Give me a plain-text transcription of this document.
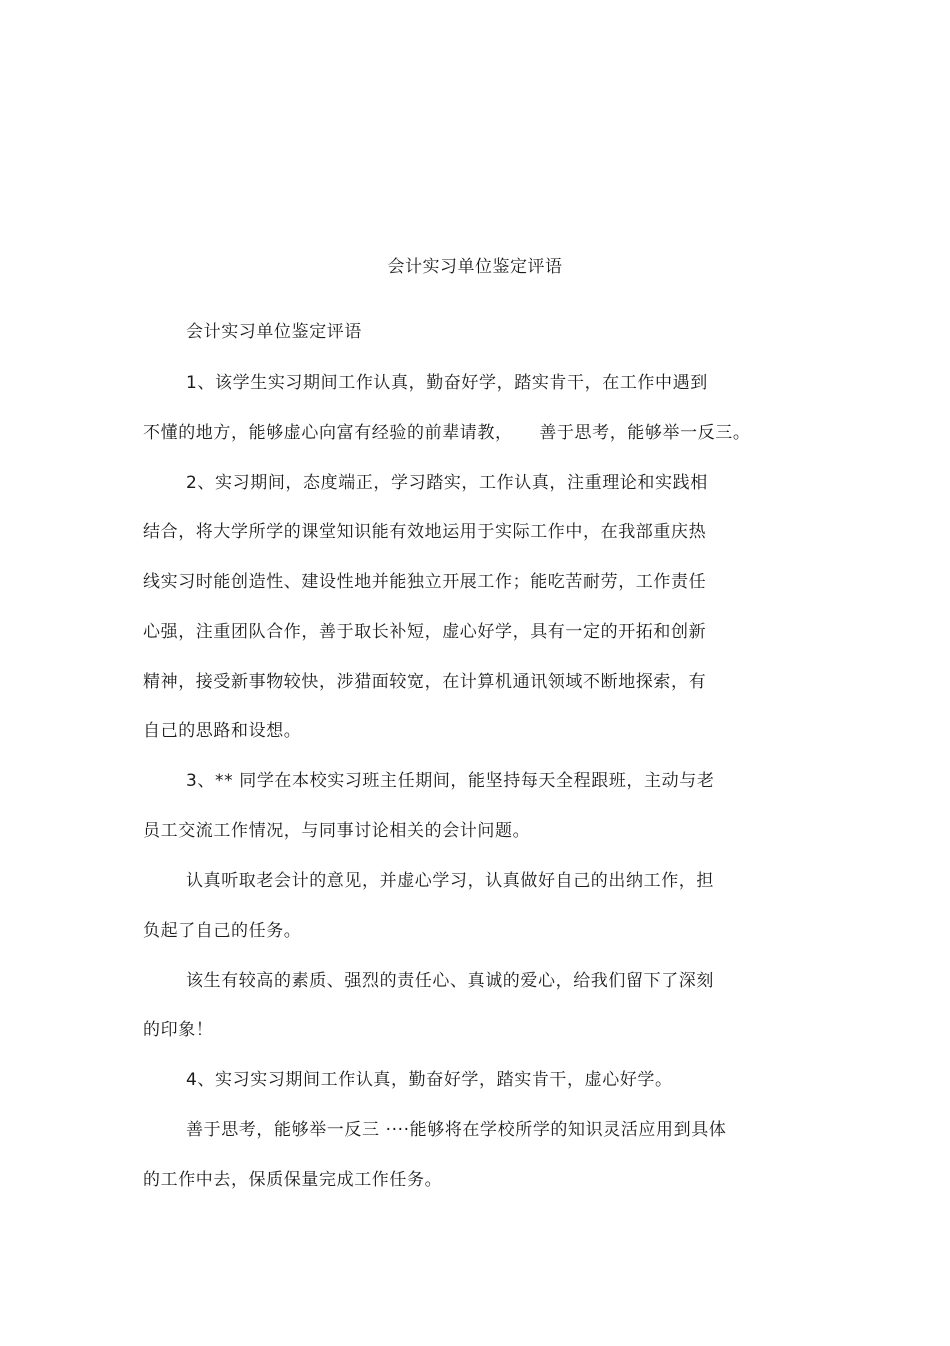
会计实习单位鉴定评语
会计实习单位鉴定评语
1、该学生实习期间工作认真，勤奋好学，踏实肯干，在工作中遇到
不懂的地方，能够虚心向富有经验的前辈请教，　　善于思考，能够举一反三。
2、实习期间，态度端正，学习踏实，工作认真，注重理论和实践相
结合，将大学所学的课堂知识能有效地运用于实际工作中，在我部重庆热
线实习时能创造性、建设性地并能独立开展工作；能吃苦耐劳，工作责任
心强，注重团队合作，善于取长补短，虚心好学，具有一定的开拓和创新
精神，接受新事物较快，涉猎面较宽，在计算机通讯领域不断地探索，有
自己的思路和设想。
3、** 同学在本校实习班主任期间，能坚持每天全程跟班，主动与老
员工交流工作情况，与同事讨论相关的会计问题。
认真听取老会计的意见，并虚心学习，认真做好自己的出纳工作，担
负起了自己的任务。
该生有较高的素质、强烈的责任心、真诚的爱心，给我们留下了深刻
的印象！
4、实习实习期间工作认真，勤奋好学，踏实肯干，虚心好学。
善于思考，能够举一反三 ····能够将在学校所学的知识灵活应用到具体
的工作中去，保质保量完成工作任务。
